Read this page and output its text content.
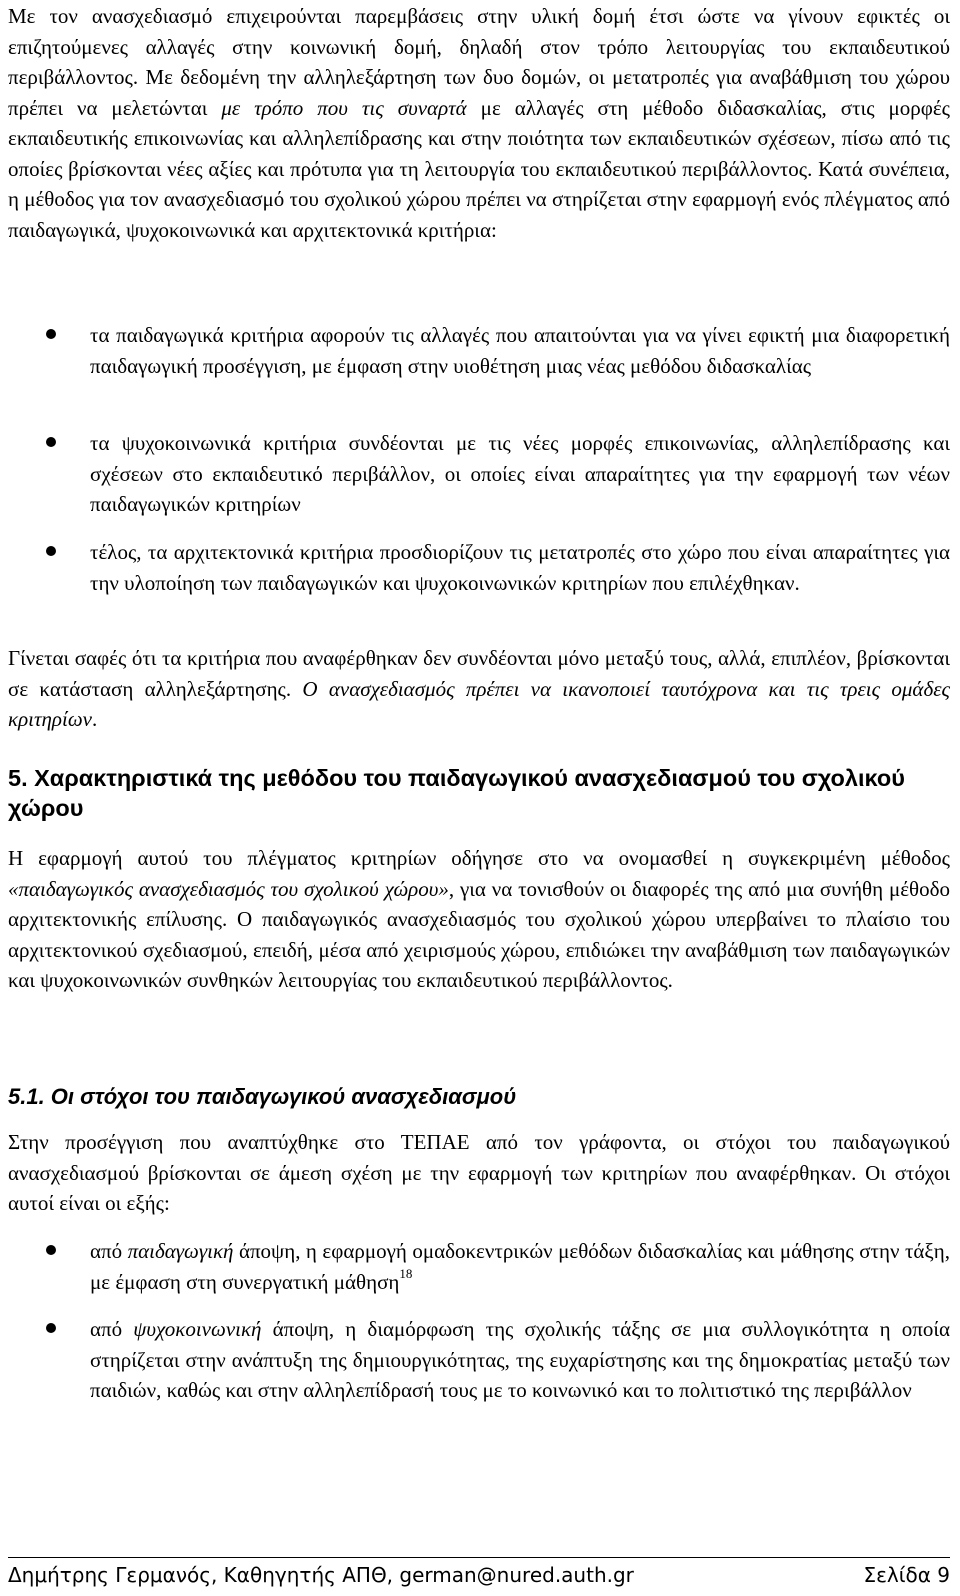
Με τον ανασχεδιασμό επιχειρούνται παρεμβάσεις στην υλική δομή έτσι ώστε να γίνουν εφικτές οι επιζητούμενες αλλαγές στην κοινωνική δομή, δηλαδή στον τρόπο λειτουργίας του εκπαιδευτικού περιβάλλοντος. Με δεδομένη την αλληλεξάρτηση των δυο δομών, οι μετατροπές για αναβάθμιση του χώρου πρέπει να μελετώνται με τρόπο που τις συναρτά με αλλαγές στη μέθοδο διδασκαλίας, στις μορφές εκπαιδευτικής επικοινωνίας και αλληλεπίδρασης και στην ποιότητα των εκπαιδευτικών σχέσεων, πίσω από τις οποίες βρίσκονται νέες αξίες και πρότυπα για τη λειτουργία του εκπαιδευτικού περιβάλλοντος. Κατά συνέπεια, η μέθοδος για τον ανασχεδιασμό του σχολικού χώρου πρέπει να στηρίζεται στην εφαρμογή ενός πλέγματος από παιδαγωγικά, ψυχοκοινωνικά και αρχιτεκτονικά κριτήρια:

τα παιδαγωγικά κριτήρια αφορούν τις αλλαγές που απαιτούνται για να γίνει εφικτή μια διαφορετική παιδαγωγική προσέγγιση, με έμφαση στην υιοθέτηση μιας νέας μεθόδου διδασκαλίας
τα ψυχοκοινωνικά κριτήρια συνδέονται με τις νέες μορφές επικοινωνίας, αλληλεπίδρασης και σχέσεων στο εκπαιδευτικό περιβάλλον, οι οποίες είναι απαραίτητες για την εφαρμογή των νέων παιδαγωγικών κριτηρίων
τέλος, τα αρχιτεκτονικά κριτήρια προσδιορίζουν τις μετατροπές στο χώρο που είναι απαραίτητες για την υλοποίηση των παιδαγωγικών και ψυχοκοινωνικών κριτηρίων που επιλέχθηκαν.

Γίνεται σαφές ότι τα κριτήρια που αναφέρθηκαν δεν συνδέονται μόνο μεταξύ τους, αλλά, επιπλέον, βρίσκονται σε κατάσταση αλληλεξάρτησης. Ο ανασχεδιασμός πρέπει να ικανοποιεί ταυτόχρονα και τις τρεις ομάδες κριτηρίων.

5. Χαρακτηριστικά της μεθόδου του παιδαγωγικού ανασχεδιασμού του σχολικού χώρου

Η εφαρμογή αυτού του πλέγματος κριτηρίων οδήγησε στο να ονομασθεί η συγκεκριμένη μέθοδος «παιδαγωγικός ανασχεδιασμός του σχολικού χώρου», για να τονισθούν οι διαφορές της από μια συνήθη μέθοδο αρχιτεκτονικής επίλυσης. Ο παιδαγωγικός ανασχεδιασμός του σχολικού χώρου υπερβαίνει το πλαίσιο του αρχιτεκτονικού σχεδιασμού, επειδή, μέσα από χειρισμούς χώρου, επιδιώκει την αναβάθμιση των παιδαγωγικών και ψυχοκοινωνικών συνθηκών λειτουργίας του εκπαιδευτικού περιβάλλοντος.

5.1. Οι στόχοι του παιδαγωγικού ανασχεδιασμού

Στην προσέγγιση που αναπτύχθηκε στο ΤΕΠΑΕ από τον γράφοντα, οι στόχοι του παιδαγωγικού ανασχεδιασμού βρίσκονται σε άμεση σχέση με την εφαρμογή των κριτηρίων που αναφέρθηκαν. Οι στόχοι αυτοί είναι οι εξής:

από παιδαγωγική άποψη, η εφαρμογή ομαδοκεντρικών μεθόδων διδασκαλίας και μάθησης στην τάξη, με έμφαση στη συνεργατική μάθηση$^{18}$
από ψυχοκοινωνική άποψη, η διαμόρφωση της σχολικής τάξης σε μια συλλογικότητα η οποία στηρίζεται στην ανάπτυξη της δημιουργικότητας, της ευχαρίστησης και της δημοκρατίας μεταξύ των παιδιών, καθώς και στην αλληλεπίδρασή τους με το κοινωνικό και το πολιτιστικό της περιβάλλον
Δημήτρης Γερμανός, Καθηγητής ΑΠΘ, german@nured.auth.gr	Σελίδα 9
